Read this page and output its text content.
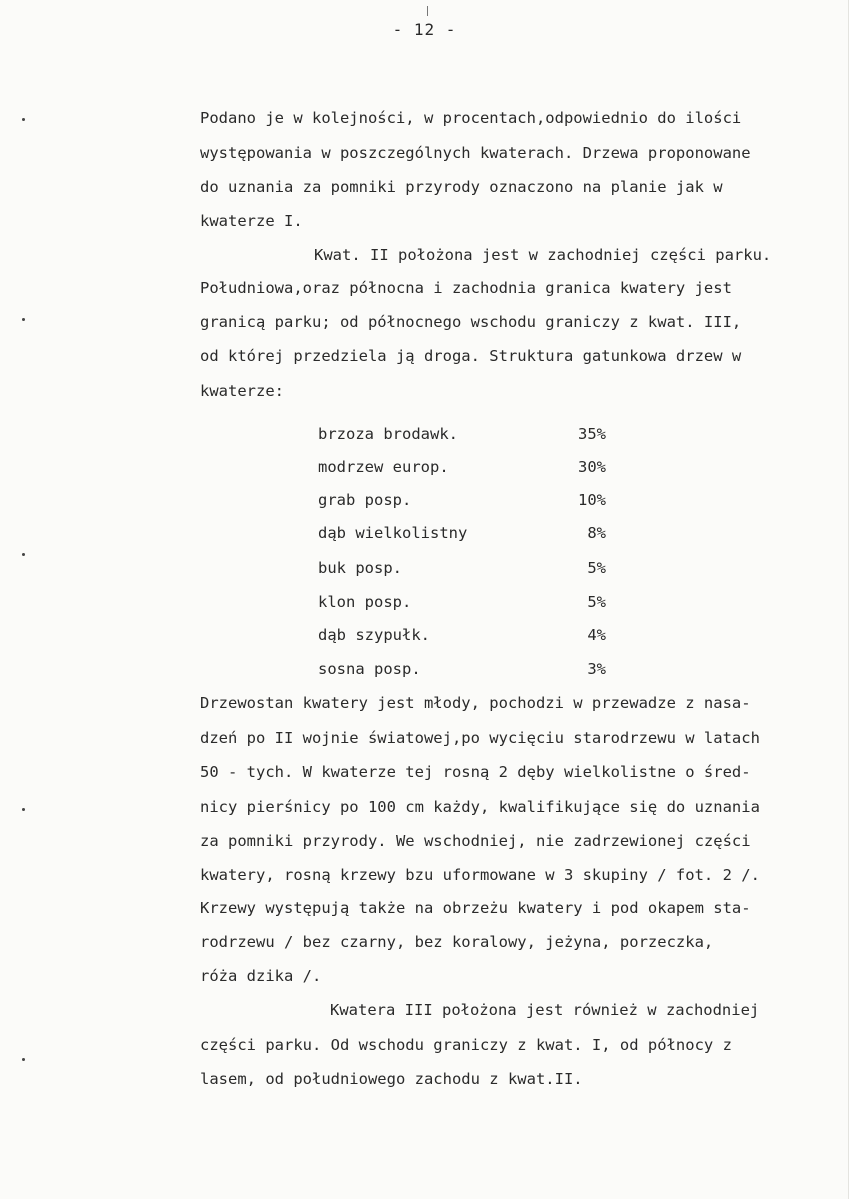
- 12 -
Podano je w kolejności, w procentach,odpowiednio do ilości
występowania w poszczególnych kwaterach. Drzewa proponowane
do uznania za pomniki przyrody oznaczono na planie jak w
kwaterze I.
Kwat. II położona jest w zachodniej części parku.
Południowa,oraz północna i zachodnia granica kwatery jest
granicą parku; od północnego wschodu graniczy z kwat. III,
od której przedziela ją droga. Struktura gatunkowa drzew w
kwaterze:
brzoza brodawk.	35%
modrzew europ.	30%
grab posp.	10%
dąb wielkolistny	8%
buk posp.	5%
klon posp.	5%
dąb szypułk.	4%
sosna posp.	3%
Drzewostan kwatery jest młody, pochodzi w przewadze z nasa-
dzeń po II wojnie światowej,po wycięciu starodrzewu w latach
50 - tych. W kwaterze tej rosną 2 dęby wielkolistne o śred-
nicy pierśnicy po 100 cm każdy, kwalifikujące się do uznania
za pomniki przyrody. We wschodniej, nie zadrzewionej części
kwatery, rosną krzewy bzu uformowane w 3 skupiny / fot. 2 /.
Krzewy występują także na obrzeżu kwatery i pod okapem sta-
rodrzewu / bez czarny, bez koralowy, jeżyna, porzeczka,
róża dzika /.
Kwatera III położona jest również w zachodniej
części parku. Od wschodu graniczy z kwat. I, od północy z
lasem, od południowego zachodu z kwat.II.
